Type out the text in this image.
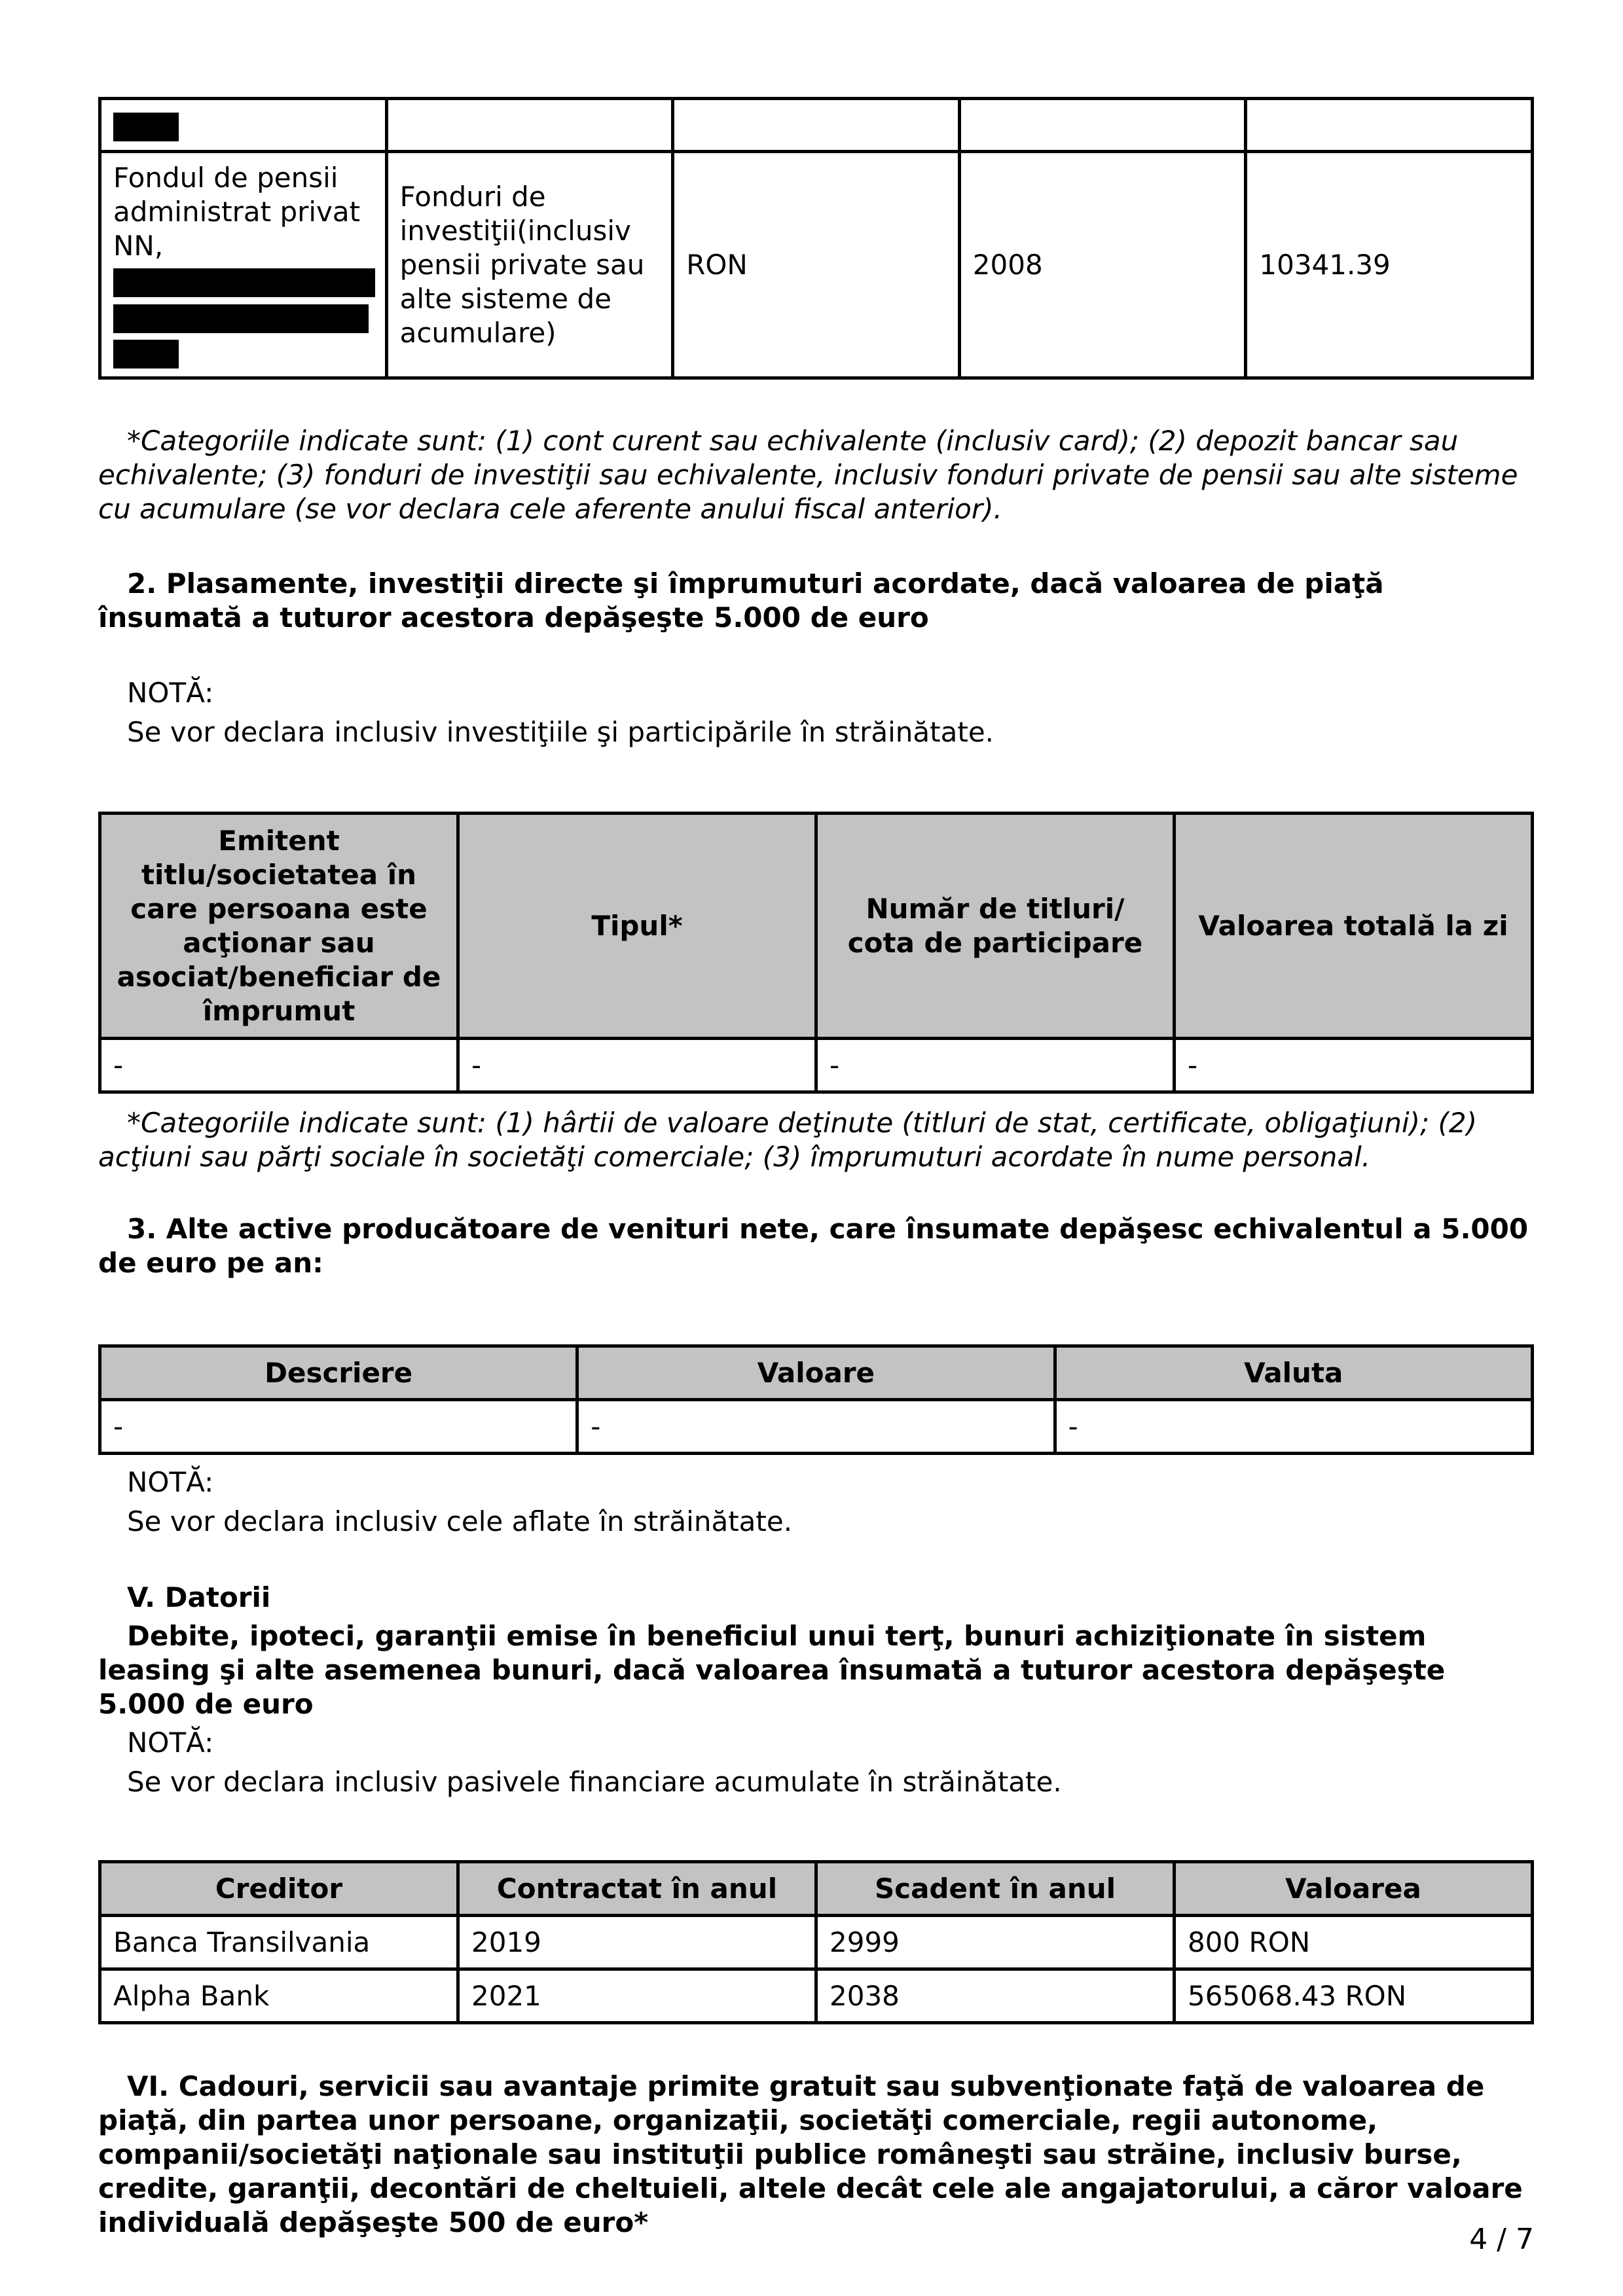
Fondul de pensii administrat privat NN,	Fonduri de investiţii(inclusiv pensii private sau alte sisteme de acumulare)	RON	2008	10341.39
*Categoriile indicate sunt: (1) cont curent sau echivalente (inclusiv card); (2) depozit bancar sau echivalente; (3) fonduri de investiţii sau echivalente, inclusiv fonduri private de pensii sau alte sisteme cu acumulare (se vor declara cele aferente anului fiscal anterior).
2. Plasamente, investiţii directe şi împrumuturi acordate, dacă valoarea de piaţă însumată a tuturor acestora depăşeşte 5.000 de euro
NOTĂ:
Se vor declara inclusiv investiţiile şi participările în străinătate.
Emitent titlu/societatea în care persoana este acţionar sau asociat/beneficiar de împrumut	Tipul*	Număr de titluri/ cota de participare	Valoarea totală la zi
-	-	-	-
*Categoriile indicate sunt: (1) hârtii de valoare deţinute (titluri de stat, certificate, obligaţiuni); (2) acţiuni sau părţi sociale în societăţi comerciale; (3) împrumuturi acordate în nume personal.
3. Alte active producătoare de venituri nete, care însumate depăşesc echivalentul a 5.000 de euro pe an:
Descriere	Valoare	Valuta
-	-	-
NOTĂ:
Se vor declara inclusiv cele aflate în străinătate.
V. Datorii
Debite, ipoteci, garanţii emise în beneficiul unui terţ, bunuri achiziţionate în sistem leasing şi alte asemenea bunuri, dacă valoarea însumată a tuturor acestora depăşeşte 5.000 de euro
NOTĂ:
Se vor declara inclusiv pasivele financiare acumulate în străinătate.
Creditor	Contractat în anul	Scadent în anul	Valoarea
Banca Transilvania	2019	2999	800 RON
Alpha Bank	2021	2038	565068.43 RON
VI. Cadouri, servicii sau avantaje primite gratuit sau subvenţionate faţă de valoarea de piaţă, din partea unor persoane, organizaţii, societăţi comerciale, regii autonome, companii/societăţi naţionale sau instituţii publice româneşti sau străine, inclusiv burse, credite, garanţii, decontări de cheltuieli, altele decât cele ale angajatorului, a căror valoare individuală depăşeşte 500 de euro*
4 / 7
